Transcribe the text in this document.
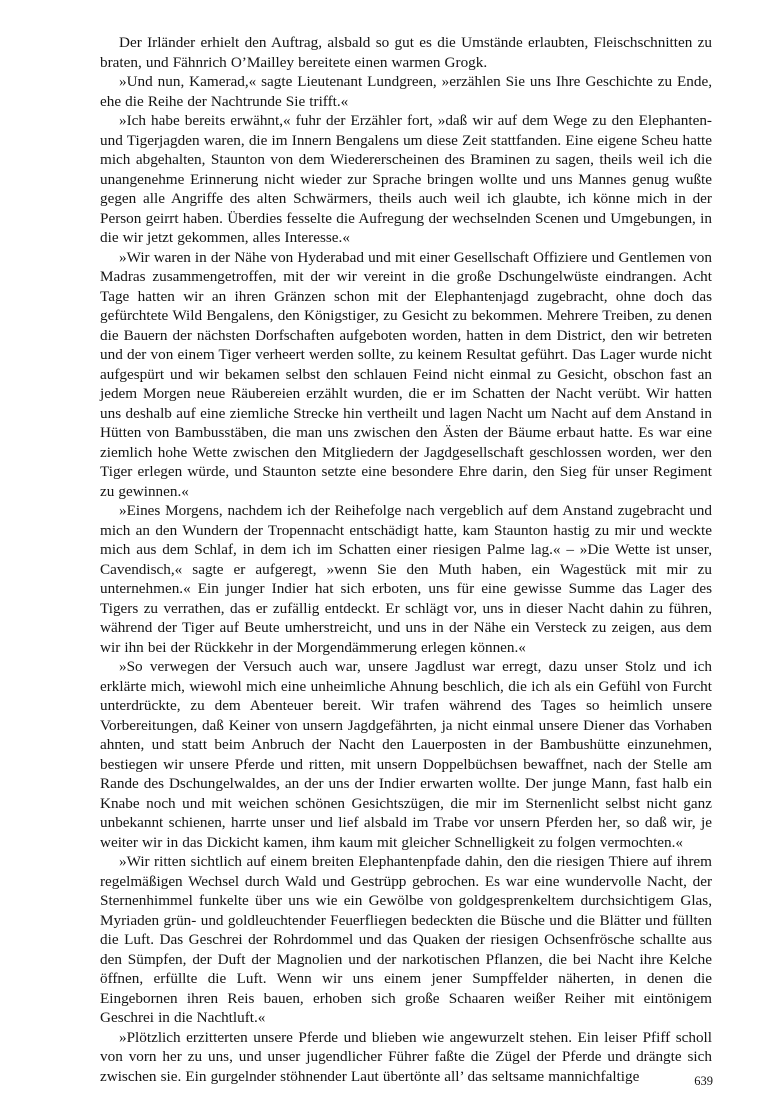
Der Irländer erhielt den Auftrag, alsbald so gut es die Umstände erlaubten, Fleischschnitten zu braten, und Fähnrich O’Mailley bereitete einen warmen Grogk.

»Und nun, Kamerad,« sagte Lieutenant Lundgreen, »erzählen Sie uns Ihre Geschichte zu Ende, ehe die Reihe der Nachtrunde Sie trifft.«

»Ich habe bereits erwähnt,« fuhr der Erzähler fort, »daß wir auf dem Wege zu den Elephanten- und Tigerjagden waren, die im Innern Bengalens um diese Zeit stattfanden. Eine eigene Scheu hatte mich abgehalten, Staunton von dem Wiedererscheinen des Braminen zu sagen, theils weil ich die unangenehme Erinnerung nicht wieder zur Sprache bringen wollte und uns Mannes genug wußte gegen alle Angriffe des alten Schwärmers, theils auch weil ich glaubte, ich könne mich in der Person geirrt haben. Überdies fesselte die Aufregung der wechselnden Scenen und Umgebungen, in die wir jetzt gekommen, alles Interesse.«

»Wir waren in der Nähe von Hyderabad und mit einer Gesellschaft Offiziere und Gentlemen von Madras zusammengetroffen, mit der wir vereint in die große Dschungelwüste eindrangen. Acht Tage hatten wir an ihren Gränzen schon mit der Elephantenjagd zugebracht, ohne doch das gefürchtete Wild Bengalens, den Königstiger, zu Gesicht zu bekommen. Mehrere Treiben, zu denen die Bauern der nächsten Dorfschaften aufgeboten worden, hatten in dem District, den wir betreten und der von einem Tiger verheert werden sollte, zu keinem Resultat geführt. Das Lager wurde nicht aufgespürt und wir bekamen selbst den schlauen Feind nicht einmal zu Gesicht, obschon fast an jedem Morgen neue Räubereien erzählt wurden, die er im Schatten der Nacht verübt. Wir hatten uns deshalb auf eine ziemliche Strecke hin vertheilt und lagen Nacht um Nacht auf dem Anstand in Hütten von Bambusstäben, die man uns zwischen den Ästen der Bäume erbaut hatte. Es war eine ziemlich hohe Wette zwischen den Mitgliedern der Jagdgesellschaft geschlossen worden, wer den Tiger erlegen würde, und Staunton setzte eine besondere Ehre darin, den Sieg für unser Regiment zu gewinnen.«

»Eines Morgens, nachdem ich der Reihefolge nach vergeblich auf dem Anstand zugebracht und mich an den Wundern der Tropennacht entschädigt hatte, kam Staunton hastig zu mir und weckte mich aus dem Schlaf, in dem ich im Schatten einer riesigen Palme lag.« – »Die Wette ist unser, Cavendisch,« sagte er aufgeregt, »wenn Sie den Muth haben, ein Wagestück mit mir zu unternehmen.« Ein junger Indier hat sich erboten, uns für eine gewisse Summe das Lager des Tigers zu verrathen, das er zufällig entdeckt. Er schlägt vor, uns in dieser Nacht dahin zu führen, während der Tiger auf Beute umherstreicht, und uns in der Nähe ein Versteck zu zeigen, aus dem wir ihn bei der Rückkehr in der Morgendämmerung erlegen können.«

»So verwegen der Versuch auch war, unsere Jagdlust war erregt, dazu unser Stolz und ich erklärte mich, wiewohl mich eine unheimliche Ahnung beschlich, die ich als ein Gefühl von Furcht unterdrückte, zu dem Abenteuer bereit. Wir trafen während des Tages so heimlich unsere Vorbereitungen, daß Keiner von unsern Jagdgefährten, ja nicht einmal unsere Diener das Vorhaben ahnten, und statt beim Anbruch der Nacht den Lauerposten in der Bambushütte einzunehmen, bestiegen wir unsere Pferde und ritten, mit unsern Doppelbüchsen bewaffnet, nach der Stelle am Rande des Dschungelwaldes, an der uns der Indier erwarten wollte. Der junge Mann, fast halb ein Knabe noch und mit weichen schönen Gesichtszügen, die mir im Sternenlicht selbst nicht ganz unbekannt schienen, harrte unser und lief alsbald im Trabe vor unsern Pferden her, so daß wir, je weiter wir in das Dickicht kamen, ihm kaum mit gleicher Schnelligkeit zu folgen vermochten.«

»Wir ritten sichtlich auf einem breiten Elephantenpfade dahin, den die riesigen Thiere auf ihrem regelmäßigen Wechsel durch Wald und Gestrüpp gebrochen. Es war eine wundervolle Nacht, der Sternenhimmel funkelte über uns wie ein Gewölbe von goldgesprenkeltem durchsichtigem Glas, Myriaden grün- und goldleuchtender Feuerfliegen bedeckten die Büsche und die Blätter und füllten die Luft. Das Geschrei der Rohrdommel und das Quaken der riesigen Ochsenfrösche schallte aus den Sümpfen, der Duft der Magnolien und der narkotischen Pflanzen, die bei Nacht ihre Kelche öffnen, erfüllte die Luft. Wenn wir uns einem jener Sumpffelder näherten, in denen die Eingebornen ihren Reis bauen, erhoben sich große Schaaren weißer Reiher mit eintönigem Geschrei in die Nachtluft.«

»Plötzlich erzitterten unsere Pferde und blieben wie angewurzelt stehen. Ein leiser Pfiff scholl von vorn her zu uns, und unser jugendlicher Führer faßte die Zügel der Pferde und drängte sich zwischen sie. Ein gurgelnder stöhnender Laut übertönte all’ das seltsame mannichfaltige	639
